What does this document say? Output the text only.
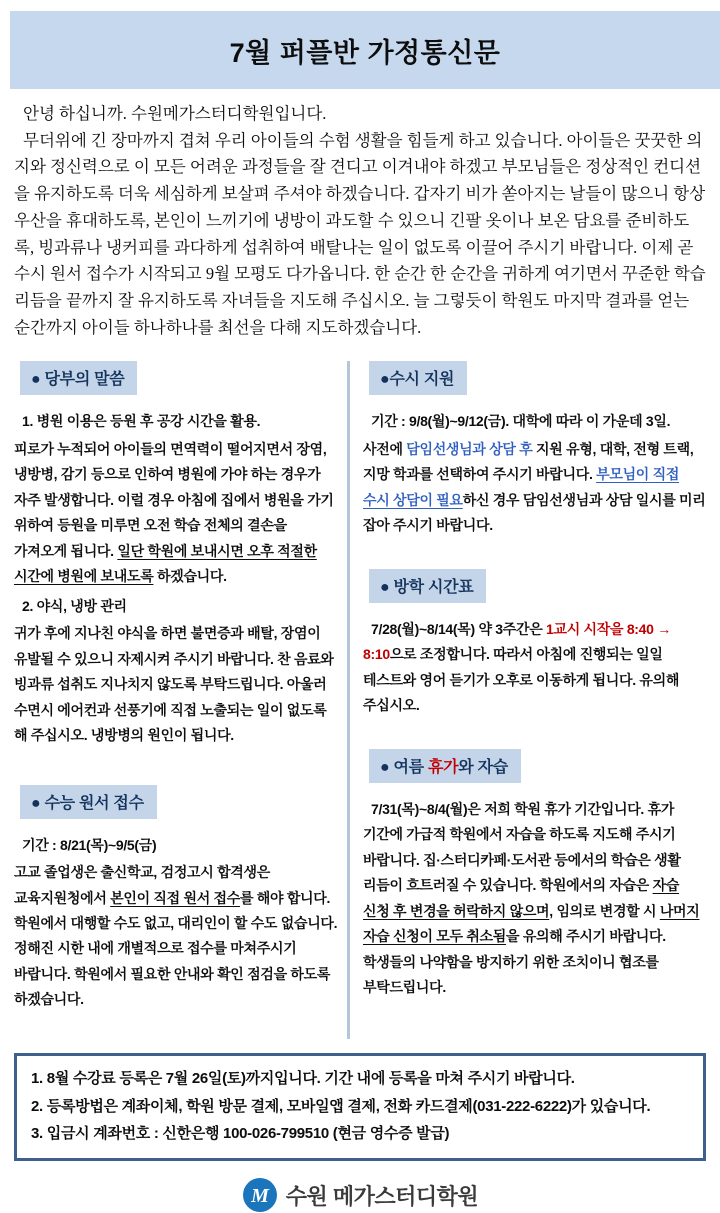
7월 퍼플반 가정통신문

안녕 하십니까. 수원메가스터디학원입니다.

무더위에 긴 장마까지 겹쳐 우리 아이들의 수험 생활을 힘들게 하고 있습니다. 아이들은 꿋꿋한 의지와 정신력으로 이 모든 어려운 과정들을 잘 견디고 이겨내야 하겠고 부모님들은 정상적인 컨디션을 유지하도록 더욱 세심하게 보살펴 주셔야 하겠습니다. 갑자기 비가 쏟아지는 날들이 많으니 항상 우산을 휴대하도록, 본인이 느끼기에 냉방이 과도할 수 있으니 긴팔 옷이나 보온 담요를 준비하도록, 빙과류나 냉커피를 과다하게 섭취하여 배탈나는 일이 없도록 이끌어 주시기 바랍니다. 이제 곧 수시 원서 접수가 시작되고 9월 모평도 다가옵니다. 한 순간 한 순간을 귀하게 여기면서 꾸준한 학습 리듬을 끝까지 잘 유지하도록 자녀들을 지도해 주십시오. 늘 그렇듯이 학원도 마지막 결과를 얻는 순간까지 아이들 하나하나를 최선을 다해 지도하겠습니다.

● 당부의 말씀

1. 병원 이용은 등원 후 공강 시간을 활용.

피로가 누적되어 아이들의 면역력이 떨어지면서 장염, 냉방병, 감기 등으로 인하여 병원에 가야 하는 경우가 자주 발생합니다. 이럴 경우 아침에 집에서 병원을 가기 위하여 등원을 미루면 오전 학습 전체의 결손을 가져오게 됩니다. 일단 학원에 보내시면 오후 적절한 시간에 병원에 보내도록 하겠습니다.

2. 야식, 냉방 관리

귀가 후에 지나친 야식을 하면 불면증과 배탈, 장염이 유발될 수 있으니 자제시켜 주시기 바랍니다. 찬 음료와 빙과류 섭취도 지나치지 않도록 부탁드립니다. 아울러 수면시 에어컨과 선풍기에 직접 노출되는 일이 없도록 해 주십시오. 냉방병의 원인이 됩니다.

● 수능 원서 접수

기간 : 8/21(목)~9/5(금)

고교 졸업생은 출신학교, 검정고시 합격생은 교육지원청에서 본인이 직접 원서 접수를 해야 합니다. 학원에서 대행할 수도 없고, 대리인이 할 수도 없습니다. 정해진 시한 내에 개별적으로 접수를 마쳐주시기 바랍니다. 학원에서 필요한 안내와 확인 점검을 하도록 하겠습니다.

●수시 지원

기간 : 9/8(월)~9/12(금). 대학에 따라 이 가운데 3일.

사전에 담임선생님과 상담 후 지원 유형, 대학, 전형 트랙, 지망 학과를 선택하여 주시기 바랍니다. 부모님이 직접 수시 상담이 필요하신 경우 담임선생님과 상담 일시를 미리 잡아 주시기 바랍니다.

● 방학 시간표

7/28(월)~8/14(목) 약 3주간은 1교시 시작을 8:40 → 8:10으로 조정합니다. 따라서 아침에 진행되는 일일 테스트와 영어 듣기가 오후로 이동하게 됩니다. 유의해 주십시오.

● 여름 휴가와 자습

7/31(목)~8/4(월)은 저희 학원 휴가 기간입니다. 휴가 기간에 가급적 학원에서 자습을 하도록 지도해 주시기 바랍니다. 집·스터디카페·도서관 등에서의 학습은 생활 리듬이 흐트러질 수 있습니다. 학원에서의 자습은 자습 신청 후 변경을 허락하지 않으며, 임의로 변경할 시 나머지 자습 신청이 모두 취소됨을 유의해 주시기 바랍니다. 학생들의 나약함을 방지하기 위한 조치이니 협조를 부탁드립니다.

1. 8월 수강료 등록은 7월 26일(토)까지입니다. 기간 내에 등록을 마쳐 주시기 바랍니다.

2. 등록방법은 계좌이체, 학원 방문 결제, 모바일앱 결제, 전화 카드결제(031-222-6222)가 있습니다.

3. 입금시 계좌번호 : 신한은행 100-026-799510 (현금 영수증 발급)

M 수원 메가스터디학원
